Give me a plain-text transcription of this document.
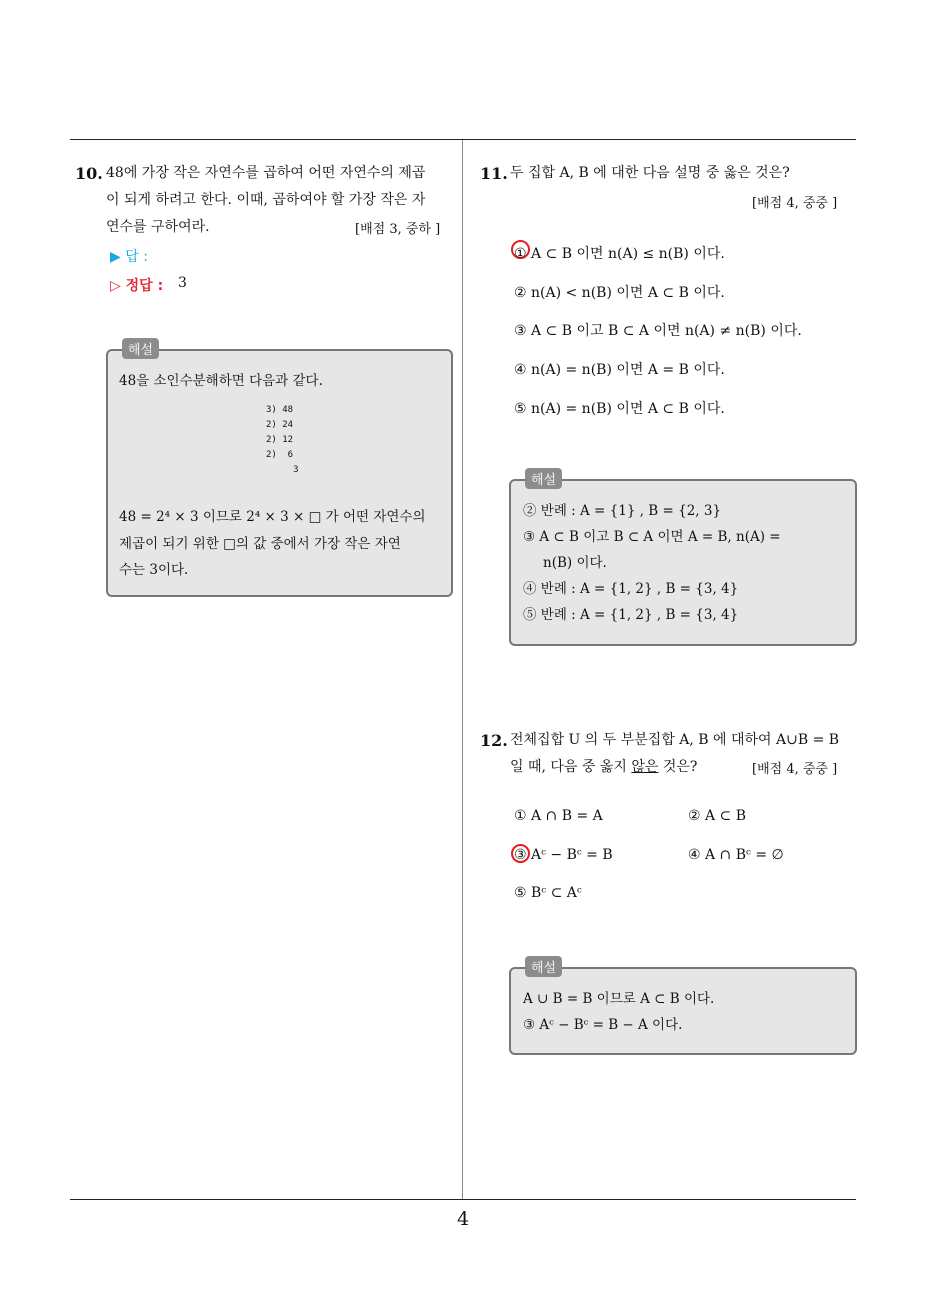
4
10. 48에 가장 작은 자연수를 곱하여 어떤 자연수의 제곱
이 되게 하려고 한다. 이때, 곱하여야 할 가장 작은 자
연수를 구하여라.	[배점 3, 중하 ]
▶ 답 :
▷ 정답 : 3
해설
48을 소인수분해하면 다음과 같다.
3) 48
2) 24
2) 12
2)  6
3
48 = 2⁴ × 3 이므로 2⁴ × 3 × □ 가 어떤 자연수의
제곱이 되기 위한 □의 값 중에서 가장 작은 자연
수는 3이다.
11. 두 집합 A, B 에 대한 다음 설명 중 옳은 것은?
[배점 4, 중중 ]
① A ⊂ B 이면 n(A) ≤ n(B) 이다.
② n(A) < n(B) 이면 A ⊂ B 이다.
③ A ⊂ B 이고 B ⊂ A 이면 n(A) ≠ n(B) 이다.
④ n(A) = n(B) 이면 A = B 이다.
⑤ n(A) = n(B) 이면 A ⊂ B 이다.
해설
② 반례 : A = {1} , B = {2, 3}
③ A ⊂ B 이고 B ⊂ A 이면 A = B, n(A) =
n(B) 이다.
④ 반례 : A = {1, 2} , B = {3, 4}
⑤ 반례 : A = {1, 2} , B = {3, 4}
12. 전체집합 U 의 두 부분집합 A, B 에 대하여 A∪B = B
일 때, 다음 중 옳지 않은 것은?	[배점 4, 중중 ]
① A ∩ B = A	② A ⊂ B
③ Aᶜ − Bᶜ = B	④ A ∩ Bᶜ = ∅
⑤ Bᶜ ⊂ Aᶜ
해설
A ∪ B = B 이므로 A ⊂ B 이다.
③ Aᶜ − Bᶜ = B − A 이다.
